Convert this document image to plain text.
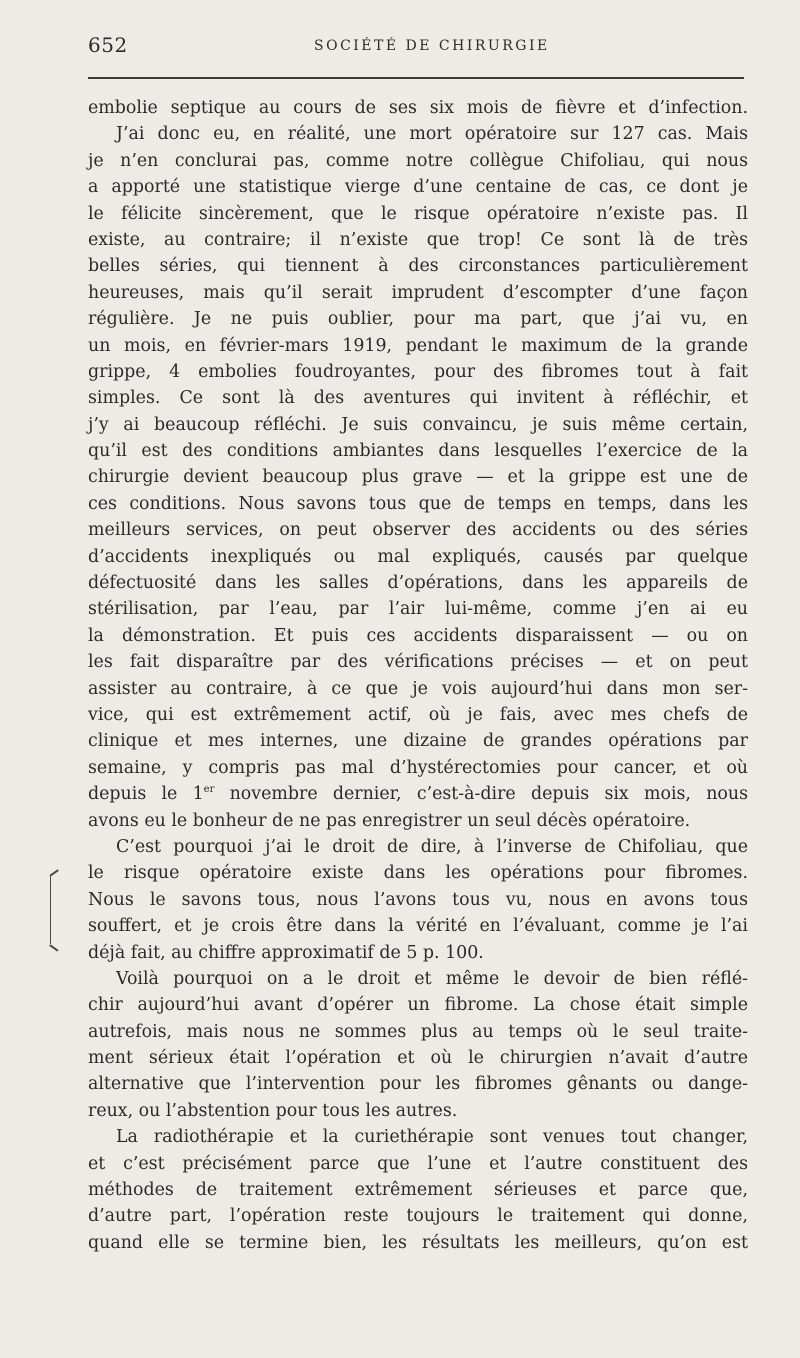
652	SOCIÉTÉ DE CHIRURGIE
embolie septique au cours de ses six mois de fièvre et d’infection.
J’ai donc eu, en réalité, une mort opératoire sur 127 cas. Mais
je n’en conclurai pas, comme notre collègue Chifoliau, qui nous
a apporté une statistique vierge d’une centaine de cas, ce dont je
le félicite sincèrement, que le risque opératoire n’existe pas. Il
existe, au contraire; il n’existe que trop! Ce sont là de très
belles séries, qui tiennent à des circonstances particulièrement
heureuses, mais qu’il serait imprudent d’escompter d’une façon
régulière. Je ne puis oublier, pour ma part, que j’ai vu, en
un mois, en février-mars 1919, pendant le maximum de la grande
grippe, 4 embolies foudroyantes, pour des fibromes tout à fait
simples. Ce sont là des aventures qui invitent à réfléchir, et
j’y ai beaucoup réfléchi. Je suis convaincu, je suis même certain,
qu’il est des conditions ambiantes dans lesquelles l’exercice de la
chirurgie devient beaucoup plus grave — et la grippe est une de
ces conditions. Nous savons tous que de temps en temps, dans les
meilleurs services, on peut observer des accidents ou des séries
d’accidents inexpliqués ou mal expliqués, causés par quelque
défectuosité dans les salles d’opérations, dans les appareils de
stérilisation, par l’eau, par l’air lui-même, comme j’en ai eu
la démonstration. Et puis ces accidents disparaissent — ou on
les fait disparaître par des vérifications précises — et on peut
assister au contraire, à ce que je vois aujourd’hui dans mon ser-
vice, qui est extrêmement actif, où je fais, avec mes chefs de
clinique et mes internes, une dizaine de grandes opérations par
semaine, y compris pas mal d’hystérectomies pour cancer, et où
depuis le 1er novembre dernier, c’est-à-dire depuis six mois, nous
avons eu le bonheur de ne pas enregistrer un seul décès opératoire.
C’est pourquoi j’ai le droit de dire, à l’inverse de Chifoliau, que
le risque opératoire existe dans les opérations pour fibromes.
Nous le savons tous, nous l’avons tous vu, nous en avons tous
souffert, et je crois être dans la vérité en l’évaluant, comme je l’ai
déjà fait, au chiffre approximatif de 5 p. 100.
Voilà pourquoi on a le droit et même le devoir de bien réflé-
chir aujourd’hui avant d’opérer un fibrome. La chose était simple
autrefois, mais nous ne sommes plus au temps où le seul traite-
ment sérieux était l’opération et où le chirurgien n’avait d’autre
alternative que l’intervention pour les fibromes gênants ou dange-
reux, ou l’abstention pour tous les autres.
La radiothérapie et la curiethérapie sont venues tout changer,
et c’est précisément parce que l’une et l’autre constituent des
méthodes de traitement extrêmement sérieuses et parce que,
d’autre part, l’opération reste toujours le traitement qui donne,
quand elle se termine bien, les résultats les meilleurs, qu’on est
